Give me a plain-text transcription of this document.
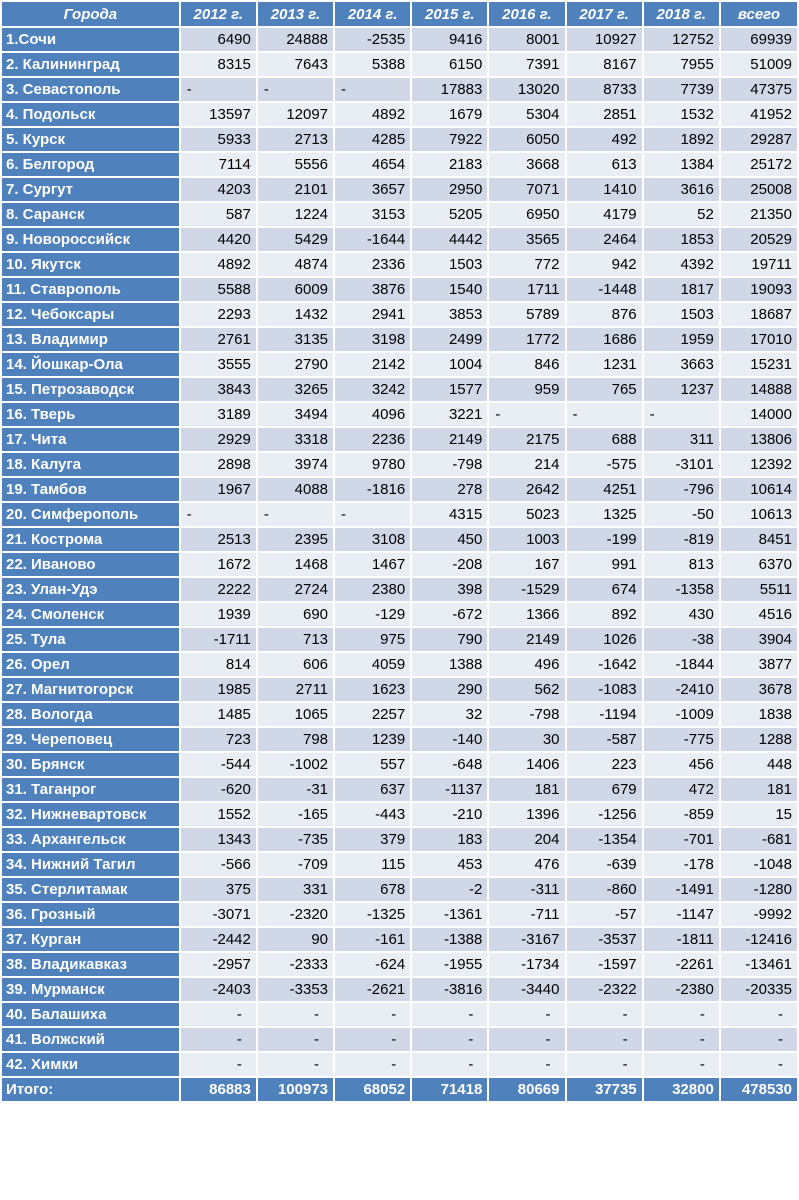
Города	2012 г.	2013 г.	2014 г.	2015 г.	2016 г.	2017 г.	2018 г.	всего
1.Сочи	6490	24888	-2535	9416	8001	10927	12752	69939
2. Калининград	8315	7643	5388	6150	7391	8167	7955	51009
3. Севастополь	-	-	-	17883	13020	8733	7739	47375
4. Подольск	13597	12097	4892	1679	5304	2851	1532	41952
5. Курск	5933	2713	4285	7922	6050	492	1892	29287
6. Белгород	7114	5556	4654	2183	3668	613	1384	25172
7. Сургут	4203	2101	3657	2950	7071	1410	3616	25008
8. Саранск	587	1224	3153	5205	6950	4179	52	21350
9. Новороссийск	4420	5429	-1644	4442	3565	2464	1853	20529
10. Якутск	4892	4874	2336	1503	772	942	4392	19711
11. Ставрополь	5588	6009	3876	1540	1711	-1448	1817	19093
12. Чебоксары	2293	1432	2941	3853	5789	876	1503	18687
13. Владимир	2761	3135	3198	2499	1772	1686	1959	17010
14. Йошкар-Ола	3555	2790	2142	1004	846	1231	3663	15231
15. Петрозаводск	3843	3265	3242	1577	959	765	1237	14888
16. Тверь	3189	3494	4096	3221	-	-	-	14000
17. Чита	2929	3318	2236	2149	2175	688	311	13806
18. Калуга	2898	3974	9780	-798	214	-575	-3101	12392
19. Тамбов	1967	4088	-1816	278	2642	4251	-796	10614
20. Симферополь	-	-	-	4315	5023	1325	-50	10613
21. Кострома	2513	2395	3108	450	1003	-199	-819	8451
22. Иваново	1672	1468	1467	-208	167	991	813	6370
23. Улан-Удэ	2222	2724	2380	398	-1529	674	-1358	5511
24. Смоленск	1939	690	-129	-672	1366	892	430	4516
25. Тула	-1711	713	975	790	2149	1026	-38	3904
26. Орел	814	606	4059	1388	496	-1642	-1844	3877
27. Магнитогорск	1985	2711	1623	290	562	-1083	-2410	3678
28. Вологда	1485	1065	2257	32	-798	-1194	-1009	1838
29. Череповец	723	798	1239	-140	30	-587	-775	1288
30. Брянск	-544	-1002	557	-648	1406	223	456	448
31. Таганрог	-620	-31	637	-1137	181	679	472	181
32. Нижневартовск	1552	-165	-443	-210	1396	-1256	-859	15
33. Архангельск	1343	-735	379	183	204	-1354	-701	-681
34. Нижний Тагил	-566	-709	115	453	476	-639	-178	-1048
35. Стерлитамак	375	331	678	-2	-311	-860	-1491	-1280
36. Грозный	-3071	-2320	-1325	-1361	-711	-57	-1147	-9992
37. Курган	-2442	90	-161	-1388	-3167	-3537	-1811	-12416
38. Владикавказ	-2957	-2333	-624	-1955	-1734	-1597	-2261	-13461
39. Мурманск	-2403	-3353	-2621	-3816	-3440	-2322	-2380	-20335
40. Балашиха	-	-	-	-	-	-	-	-
41. Волжский	-	-	-	-	-	-	-	-
42. Химки	-	-	-	-	-	-	-	-
Итого:	86883	100973	68052	71418	80669	37735	32800	478530
